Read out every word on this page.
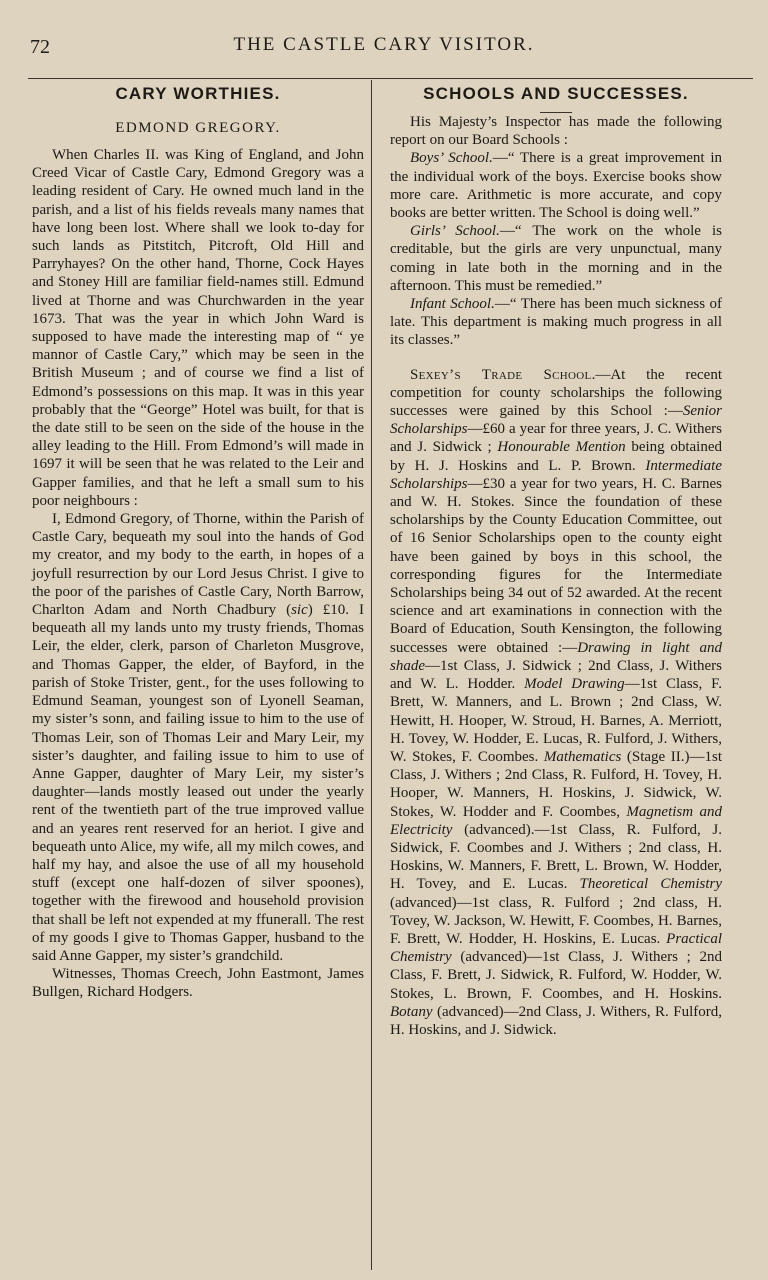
72	THE CASTLE CARY VISITOR.
CARY WORTHIES.
EDMOND GREGORY.

When Charles II. was King of England, and John Creed Vicar of Castle Cary, Edmond Gregory was a leading resident of Cary. He owned much land in the parish, and a list of his fields reveals many names that have long been lost. Where shall we look to-day for such lands as Pitstitch, Pitcroft, Old Hill and Parryhayes? On the other hand, Thorne, Cock Hayes and Stoney Hill are familiar field-names still. Edmund lived at Thorne and was Churchwarden in the year 1673. That was the year in which John Ward is supposed to have made the interesting map of “ ye mannor of Castle Cary,” which may be seen in the British Museum ; and of course we find a list of Edmond’s possessions on this map. It was in this year probably that the “George” Hotel was built, for that is the date still to be seen on the side of the house in the alley leading to the Hill. From Edmond’s will made in 1697 it will be seen that he was related to the Leir and Gapper families, and that he left a small sum to his poor neighbours :

I, Edmond Gregory, of Thorne, within the Parish of Castle Cary, bequeath my soul into the hands of God my creator, and my body to the earth, in hopes of a joyfull resurrection by our Lord Jesus Christ. I give to the poor of the parishes of Castle Cary, North Barrow, Charlton Adam and North Chadbury (sic) £10. I bequeath all my lands unto my trusty friends, Thomas Leir, the elder, clerk, parson of Charleton Musgrove, and Thomas Gapper, the elder, of Bayford, in the parish of Stoke Trister, gent., for the uses following to Edmund Seaman, youngest son of Lyonell Seaman, my sister’s sonn, and failing issue to him to the use of Thomas Leir, son of Thomas Leir and Mary Leir, my sister’s daughter, and failing issue to him to use of Anne Gapper, daughter of Mary Leir, my sister’s daughter—lands mostly leased out under the yearly rent of the twentieth part of the true improved vallue and an yeares rent reserved for an heriot. I give and bequeath unto Alice, my wife, all my milch cowes, and half my hay, and alsoe the use of all my household stuff (except one half-dozen of silver spoones), together with the firewood and household provision that shall be left not expended at my ffunerall. The rest of my goods I give to Thomas Gapper, husband to the said Anne Gapper, my sister’s grandchild.

Witnesses, Thomas Creech, John Eastmont, James Bullgen, Richard Hodgers.

SCHOOLS AND SUCCESSES.

His Majesty’s Inspector has made the following report on our Board Schools :

Boys’ School.—“ There is a great improvement in the individual work of the boys. Exercise books show more care. Arithmetic is more accurate, and copy books are better written. The School is doing well.”

Girls’ School.—“ The work on the whole is creditable, but the girls are very unpunctual, many coming in late both in the morning and in the afternoon. This must be remedied.”

Infant School.—“ There has been much sickness of late. This department is making much progress in all its classes.”

Sexey’s Trade School.—At the recent competition for county scholarships the following successes were gained by this School :—Senior Scholarships—£60 a year for three years, J. C. Withers and J. Sidwick ; Honourable Mention being obtained by H. J. Hoskins and L. P. Brown. Intermediate Scholarships—£30 a year for two years, H. C. Barnes and W. H. Stokes. Since the foundation of these scholarships by the County Education Committee, out of 16 Senior Scholarships open to the county eight have been gained by boys in this school, the corresponding figures for the Intermediate Scholarships being 34 out of 52 awarded. At the recent science and art examinations in connection with the Board of Education, South Kensington, the following successes were obtained :—Drawing in light and shade—1st Class, J. Sidwick ; 2nd Class, J. Withers and W. L. Hodder. Model Drawing—1st Class, F. Brett, W. Manners, and L. Brown ; 2nd Class, W. Hewitt, H. Hooper, W. Stroud, H. Barnes, A. Merriott, H. Tovey, W. Hodder, E. Lucas, R. Fulford, J. Withers, W. Stokes, F. Coombes. Mathematics (Stage II.)—1st Class, J. Withers ; 2nd Class, R. Fulford, H. Tovey, H. Hooper, W. Manners, H. Hoskins, J. Sidwick, W. Stokes, W. Hodder and F. Coombes, Magnetism and Electricity (advanced).—1st Class, R. Fulford, J. Sidwick, F. Coombes and J. Withers ; 2nd class, H. Hoskins, W. Manners, F. Brett, L. Brown, W. Hodder, H. Tovey, and E. Lucas. Theoretical Chemistry (advanced)—1st class, R. Fulford ; 2nd class, H. Tovey, W. Jackson, W. Hewitt, F. Coombes, H. Barnes, F. Brett, W. Hodder, H. Hoskins, E. Lucas. Practical Chemistry (advanced)—1st Class, J. Withers ; 2nd Class, F. Brett, J. Sidwick, R. Fulford, W. Hodder, W. Stokes, L. Brown, F. Coombes, and H. Hoskins. Botany (advanced)—2nd Class, J. Withers, R. Fulford, H. Hoskins, and J. Sidwick.
